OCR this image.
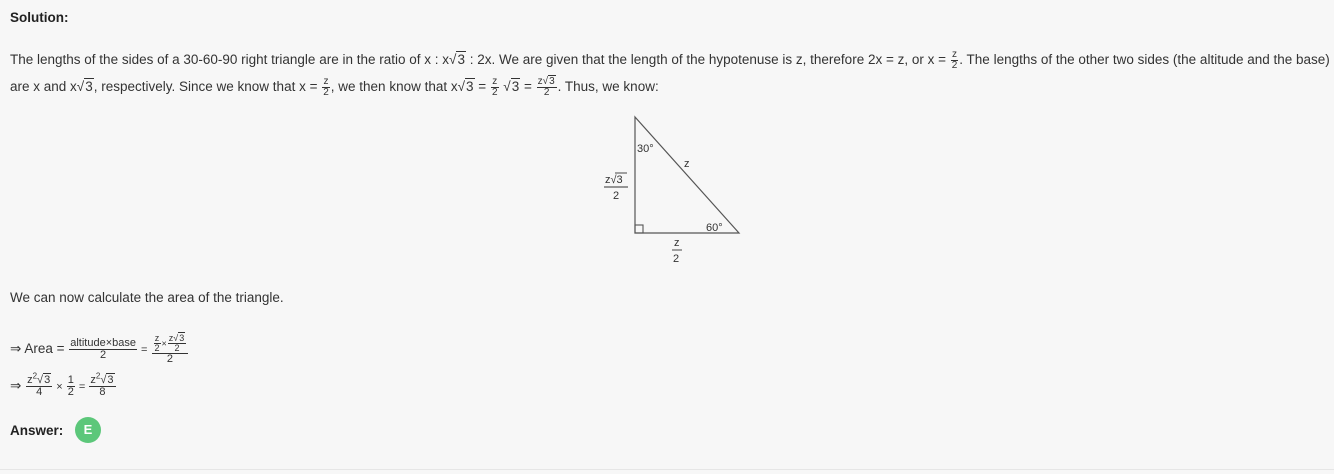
Solution:
The lengths of the sides of a 30-60-90 right triangle are in the ratio of x : x√3 : 2x. We are given that the length of the hypotenuse is z, therefore 2x = z, or $x = \frac{z}{2}$ . The lengths of the other two sides (the altitude and the base)
are x and x√3, respectively. Since we know that $x = \frac{z}{2}$ , we then know that $x√3 = \frac{z}{2} √3 = \frac{z√3}{2}$ . Thus, we know:
30°
z
60°
z√3
2
z
2
We can now calculate the area of the triangle.
⇒ Area = $\frac{\text{altitude×base}}{2} = \frac{\frac{z}{2} \times \frac{z√3}{2}}{2}$
⇒ $\frac{z^2√3}{4} \times \frac{1}{2} = \frac{z^2√3}{8}$
Answer:	E
